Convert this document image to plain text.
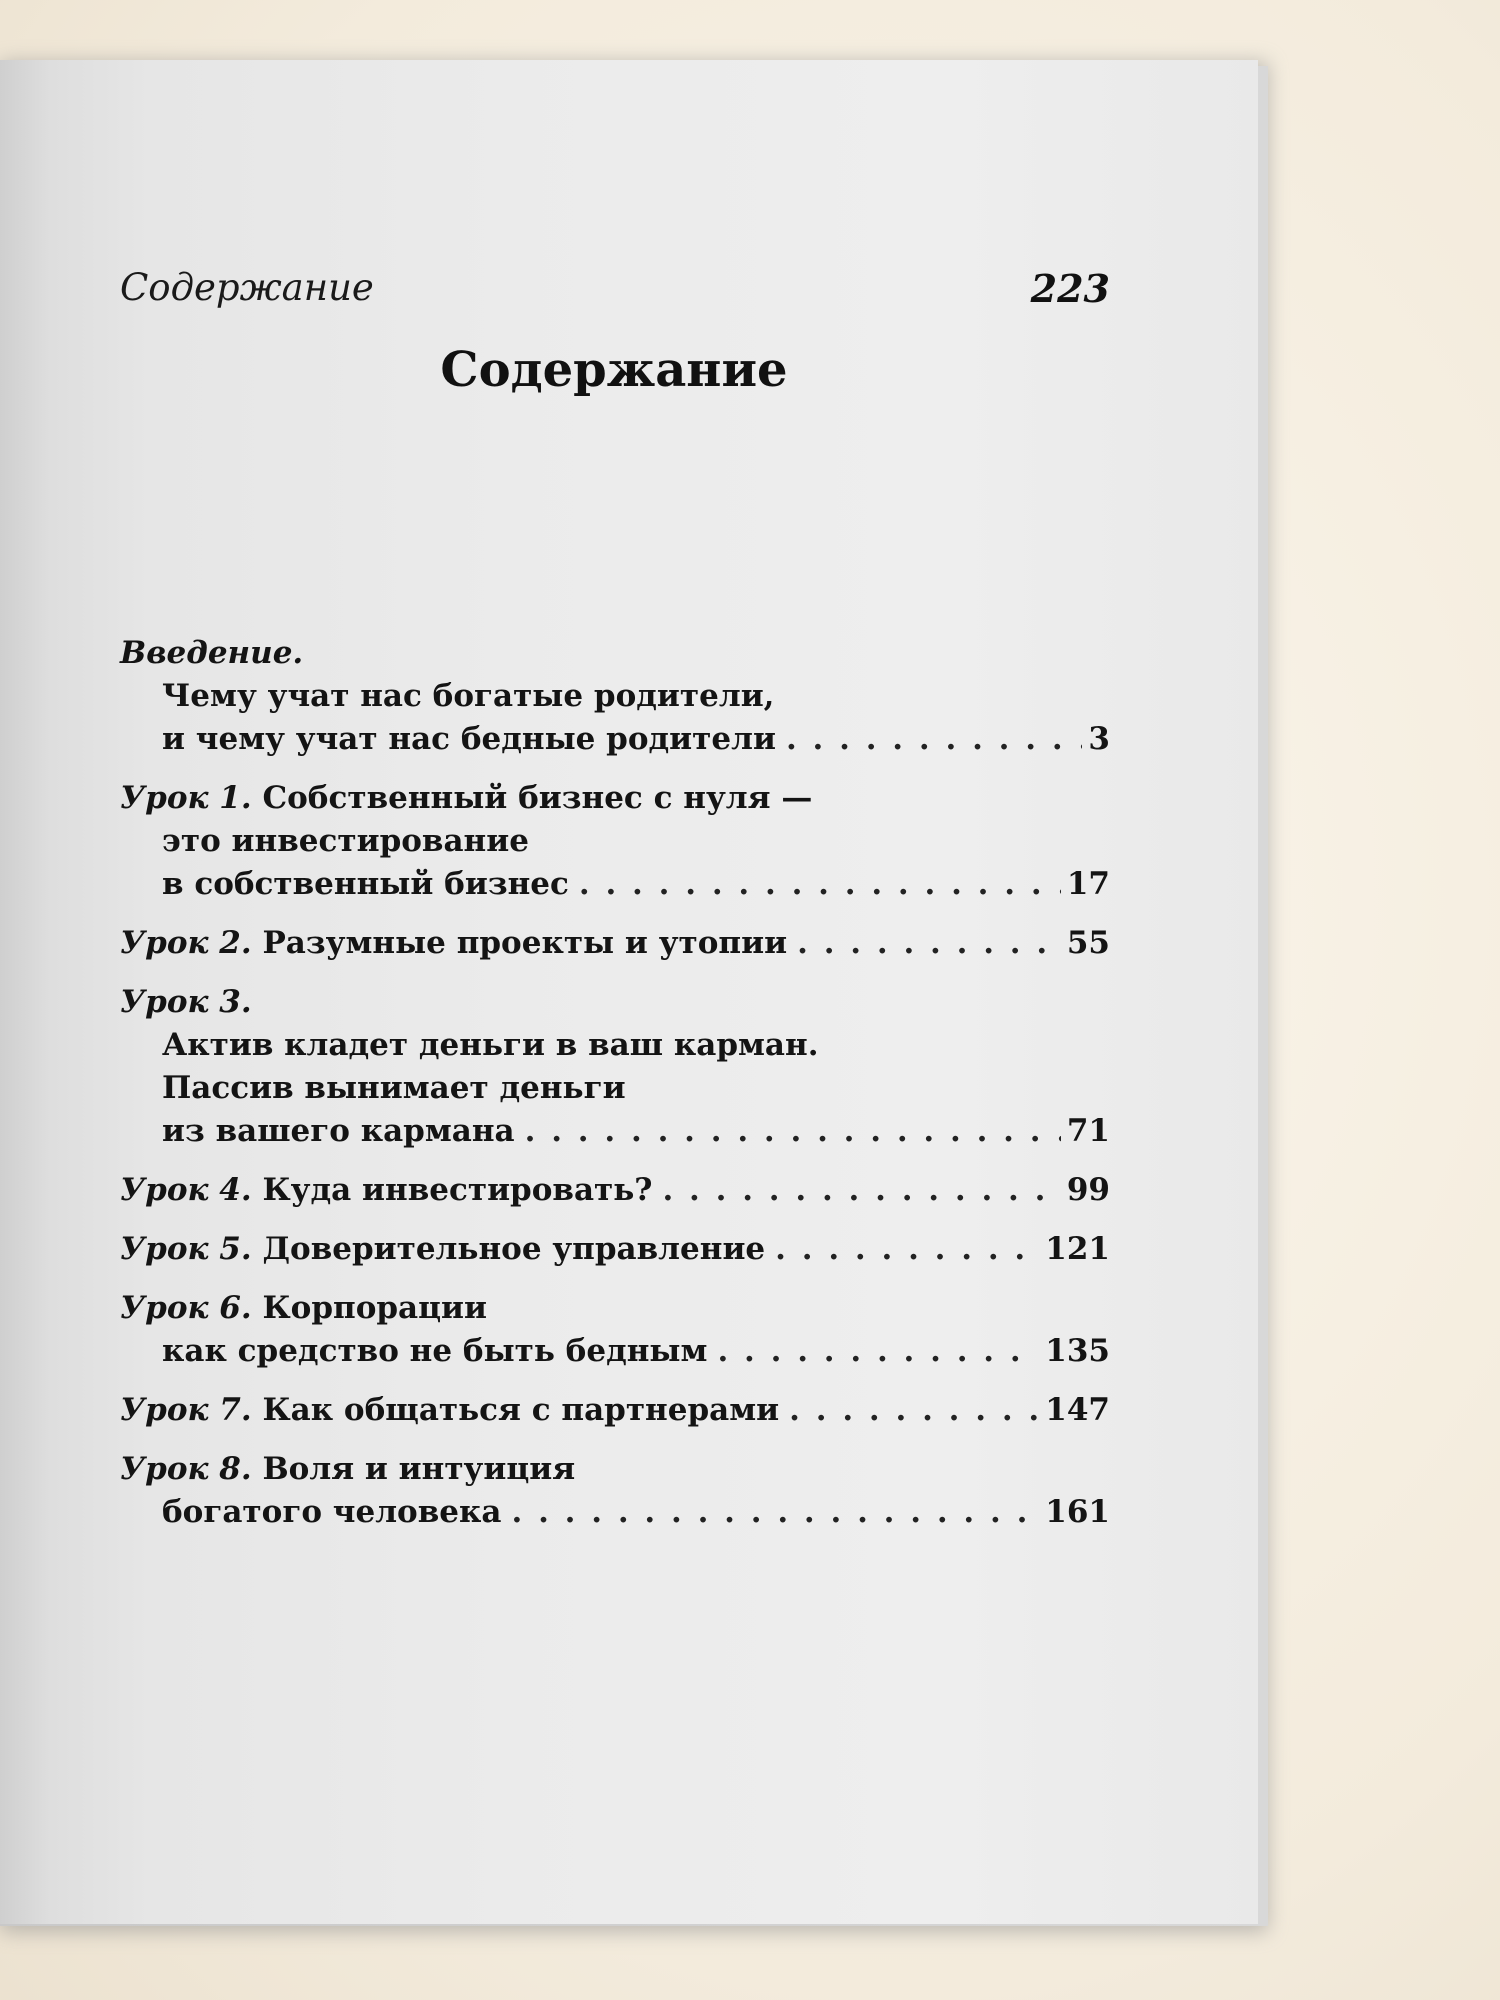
Содержание	223
Содержание
Введение.
Чему учат нас богатые родители,
и чему учат нас бедные родители . . .	3
Урок 1. Собственный бизнес с нуля —
это инвестирование
в собственный бизнес . . .	17
Урок 2. Разумные проекты и утопии . . .	55
Урок 3.
Актив кладет деньги в ваш карман.
Пассив вынимает деньги
из вашего кармана . . .	71
Урок 4. Куда инвестировать? . . .	99
Урок 5. Доверительное управление . . .	121
Урок 6. Корпорации
как средство не быть бедным . . .	135
Урок 7. Как общаться с партнерами . . .	147
Урок 8. Воля и интуиция
богатого человека . . .	161
